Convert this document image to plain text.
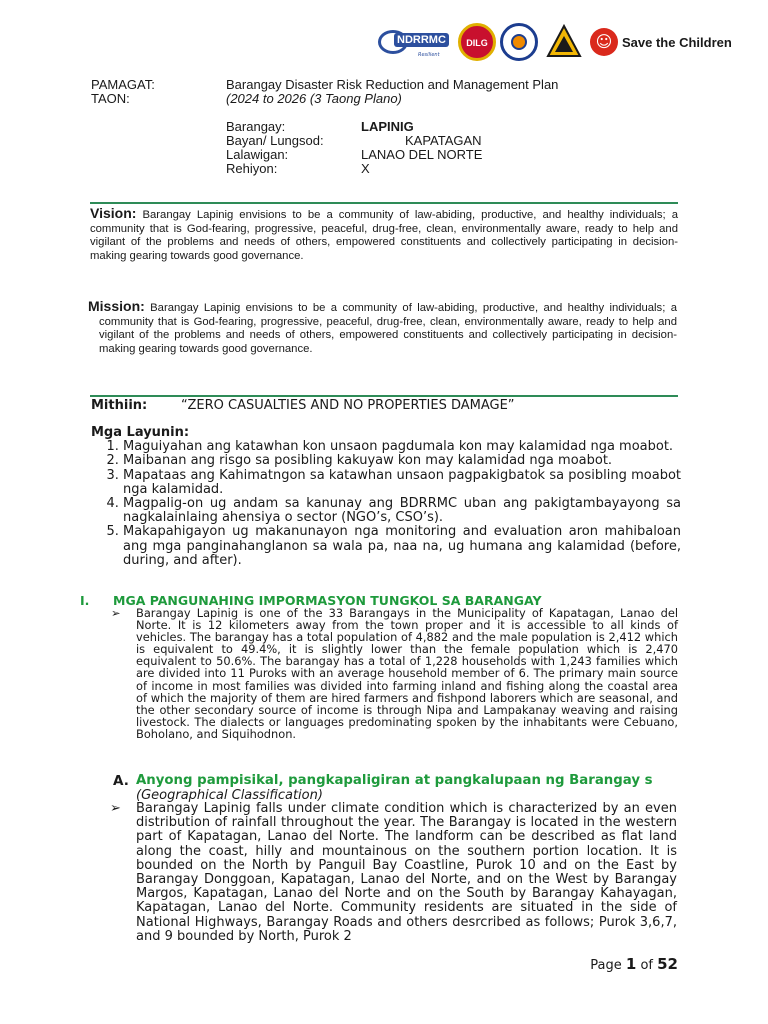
NDRRMC
Resilient
DILG	☺ Save the Children
PAMAGAT:	Barangay Disaster Risk Reduction and Management Plan
TAON:	(2024 to 2026 (3 Taong Plano)
Barangay:	LAPINIG
Bayan/ Lungsod:	KAPATAGAN
Lalawigan:	LANAO DEL NORTE
Rehiyon:	X
Vision: Barangay Lapinig envisions to be a community of law-abiding, productive, and healthy individuals; a community that is God-fearing, progressive, peaceful, drug-free, clean, environmentally aware, ready to help and vigilant of the problems and needs of others, empowered constituents and collectively participating in decision-making gearing towards good governance.
Mission: Barangay Lapinig envisions to be a community of law-abiding, productive, and healthy individuals; a community that is God-fearing, progressive, peaceful, drug-free, clean, environmentally aware, ready to help and vigilant of the problems and needs of others, empowered constituents and collectively participating in decision-making gearing towards good governance.
Mithiin:	“ZERO CASUALTIES AND NO PROPERTIES DAMAGE”
Mga Layunin:
1. Maguiyahan ang katawhan kon unsaon pagdumala kon may kalamidad nga moabot.
2. Maibanan ang risgo sa posibling kakuyaw kon may kalamidad nga moabot.
3. Mapataas ang Kahimatngon sa katawhan unsaon pagpakigbatok sa posibling moabot nga kalamidad.
4. Magpalig-on ug andam sa kanunay ang BDRRMC uban ang pakigtambayayong sa nagkalainlaing ahensiya o sector (NGO’s, CSO’s).
5. Makapahigayon ug makanunayon nga monitoring and evaluation aron mahibaloan ang mga panginahanglanon sa wala pa, naa na, ug humana ang kalamidad (before, during, and after).
I. MGA PANGUNAHING IMPORMASYON TUNGKOL SA BARANGAY
➢ Barangay Lapinig is one of the 33 Barangays in the Municipality of Kapatagan, Lanao del Norte. It is 12 kilometers away from the town proper and it is accessible to all kinds of vehicles. The barangay has a total population of 4,882 and the male population is 2,412 which is equivalent to 49.4%, it is slightly lower than the female population which is 2,470 equivalent to 50.6%. The barangay has a total of 1,228 households with 1,243 families which are divided into 11 Puroks with an average household member of 6. The primary main source of income in most families was divided into farming inland and fishing along the coastal area of which the majority of them are hired farmers and fishpond laborers which are seasonal, and the other secondary source of income is through Nipa and Lampakanay weaving and raising livestock. The dialects or languages predominating spoken by the inhabitants were Cebuano, Boholano, and Siquihodnon.
A. Anyong pampisikal, pangkapaligiran at pangkalupaan ng Barangay s
(Geographical Classification)
➢ Barangay Lapinig falls under climate condition which is characterized by an even distribution of rainfall throughout the year. The Barangay is located in the western part of Kapatagan, Lanao del Norte. The landform can be described as flat land along the coast, hilly and mountainous on the southern portion location. It is bounded on the North by Panguil Bay Coastline, Purok 10 and on the East by Barangay Donggoan, Kapatagan, Lanao del Norte, and on the West by Barangay Margos, Kapatagan, Lanao del Norte and on the South by Barangay Kahayagan, Kapatagan, Lanao del Norte. Community residents are situated in the side of National Highways, Barangay Roads and others desrcribed as follows; Purok 3,6,7, and 9 bounded by North, Purok 2
Page 1 of 52
